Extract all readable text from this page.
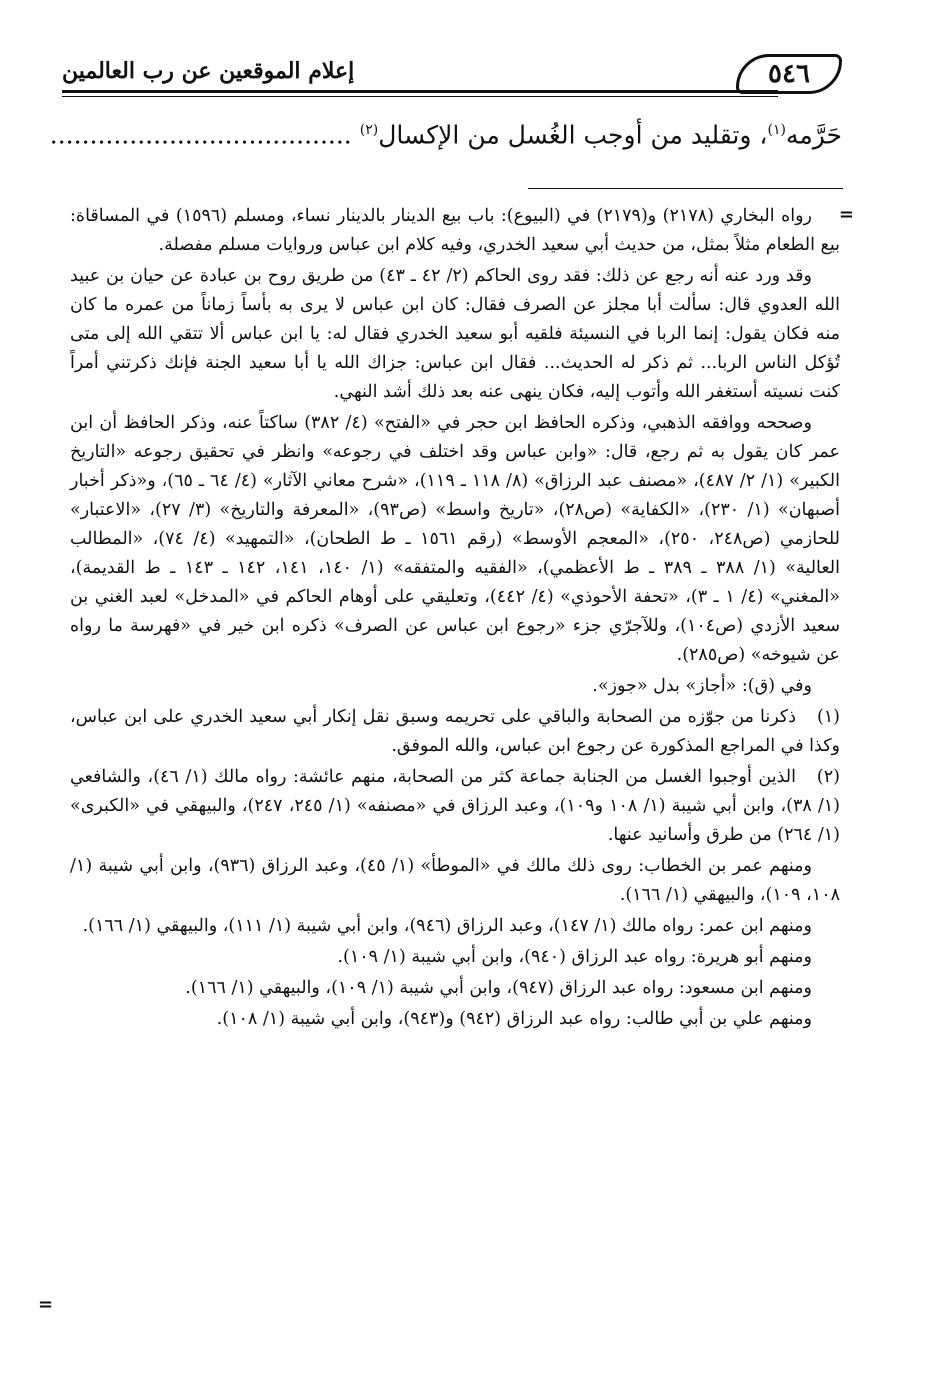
إعلام الموقعين عن رب العالمين	٥٤٦
حَرَّمه$^{(١)}$، وتقليد من أوجب الغُسل من الإكسال$^{(٢)}$ ......................................
=

رواه البخاري (٢١٧٨) و(٢١٧٩) في (البيوع): باب بيع الدينار بالدينار نساء، ومسلم (١٥٩٦) في المساقاة: بيع الطعام مثلاً بمثل، من حديث أبي سعيد الخدري، وفيه كلام ابن عباس وروايات مسلم مفصلة.

وقد ورد عنه أنه رجع عن ذلك: فقد روى الحاكم (٢/ ٤٢ ـ ٤٣) من طريق روح بن عبادة عن حيان بن عبيد الله العدوي قال: سألت أبا مجلز عن الصرف فقال: كان ابن عباس لا يرى به بأساً زماناً من عمره ما كان منه فكان يقول: إنما الربا في النسيئة فلقيه أبو سعيد الخدري فقال له: يا ابن عباس ألا تتقي الله إلى متى تُؤكل الناس الربا... ثم ذكر له الحديث... فقال ابن عباس: جزاك الله يا أبا سعيد الجنة فإنك ذكرتني أمراً كنت نسيته أستغفر الله وأتوب إليه، فكان ينهى عنه بعد ذلك أشد النهي.

وصححه ووافقه الذهبي، وذكره الحافظ ابن حجر في «الفتح» (٤/ ٣٨٢) ساكتاً عنه، وذكر الحافظ أن ابن عمر كان يقول به ثم رجع، قال: «وابن عباس وقد اختلف في رجوعه» وانظر في تحقيق رجوعه «التاريخ الكبير» (١/ ٢/ ٤٨٧)، «مصنف عبد الرزاق» (٨/ ١١٨ ـ ١١٩)، «شرح معاني الآثار» (٤/ ٦٤ ـ ٦٥)، و«ذكر أخبار أصبهان» (١/ ٢٣٠)، «الكفاية» (ص٢٨)، «تاريخ واسط» (ص٩٣)، «المعرفة والتاريخ» (٣/ ٢٧)، «الاعتبار» للحازمي (ص٢٤٨، ٢٥٠)، «المعجم الأوسط» (رقم ١٥٦١ ـ ط الطحان)، «التمهيد» (٤/ ٧٤)، «المطالب العالية» (١/ ٣٨٨ ـ ٣٨٩ ـ ط الأعظمي)، «الفقيه والمتفقه» (١/ ١٤٠، ١٤١، ١٤٢ ـ ١٤٣ ـ ط القديمة)، «المغني» (٤/ ١ ـ ٣)، «تحفة الأحوذي» (٤/ ٤٤٢)، وتعليقي على أوهام الحاكم في «المدخل» لعبد الغني بن سعيد الأزدي (ص١٠٤)، وللآجرّي جزء «رجوع ابن عباس عن الصرف» ذكره ابن خير في «فهرسة ما رواه عن شيوخه» (ص٢٨٥).

وفي (ق): «أجاز» بدل «جوز».

(١)ذكرنا من جوّزه من الصحابة والباقي على تحريمه وسبق نقل إنكار أبي سعيد الخدري على ابن عباس، وكذا في المراجع المذكورة عن رجوع ابن عباس، والله الموفق.

(٢)الذين أوجبوا الغسل من الجنابة جماعة كثر من الصحابة، منهم عائشة: رواه مالك (١/ ٤٦)، والشافعي (١/ ٣٨)، وابن أبي شيبة (١/ ١٠٨ و١٠٩)، وعبد الرزاق في «مصنفه» (١/ ٢٤٥، ٢٤٧)، والبيهقي في «الكبرى» (١/ ٢٦٤) من طرق وأسانيد عنها.

ومنهم عمر بن الخطاب: روى ذلك مالك في «الموطأ» (١/ ٤٥)، وعبد الرزاق (٩٣٦)، وابن أبي شيبة (١/ ١٠٨، ١٠٩)، والبيهقي (١/ ١٦٦).

ومنهم ابن عمر: رواه مالك (١/ ١٤٧)، وعبد الرزاق (٩٤٦)، وابن أبي شيبة (١/ ١١١)، والبيهقي (١/ ١٦٦).

ومنهم أبو هريرة: رواه عبد الرزاق (٩٤٠)، وابن أبي شيبة (١/ ١٠٩).

ومنهم ابن مسعود: رواه عبد الرزاق (٩٤٧)، وابن أبي شيبة (١/ ١٠٩)، والبيهقي (١/ ١٦٦).

ومنهم علي بن أبي طالب: رواه عبد الرزاق (٩٤٢) و(٩٤٣)، وابن أبي شيبة (١/ ١٠٨).

=
